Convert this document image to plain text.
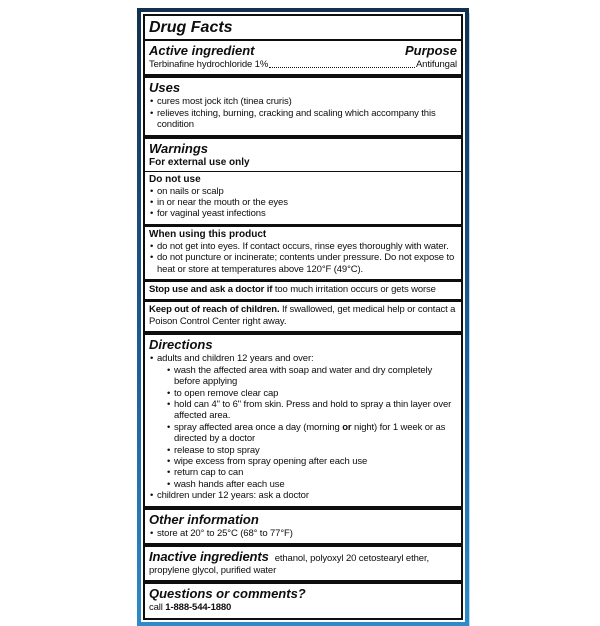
Drug Facts
Active ingredient	Purpose
Terbinafine hydrochloride 1%	Antifungal
Uses
• cures most jock itch (tinea cruris)
• relieves itching, burning, cracking and scaling which accompany this condition
Warnings
For external use only
Do not use
• on nails or scalp
• in or near the mouth or the eyes
• for vaginal yeast infections
When using this product
• do not get into eyes. If contact occurs, rinse eyes thoroughly with water.
• do not puncture or incinerate; contents under pressure. Do not expose to heat or store at temperatures above 120°F (49°C).
Stop use and ask a doctor if too much irritation occurs or gets worse
Keep out of reach of children. If swallowed, get medical help or contact a Poison Control Center right away.
Directions
• adults and children 12 years and over:
• wash the affected area with soap and water and dry completely before applying
• to open remove clear cap
• hold can 4" to 6" from skin. Press and hold to spray a thin layer over affected area.
• spray affected area once a day (morning or night) for 1 week or as directed by a doctor
• release to stop spray
• wipe excess from spray opening after each use
• return cap to can
• wash hands after each use
• children under 12 years: ask a doctor
Other information
• store at 20° to 25°C (68° to 77°F)
Inactive ingredients ethanol, polyoxyl 20 cetostearyl ether, propylene glycol, purified water
Questions or comments?
call 1-888-544-1880
